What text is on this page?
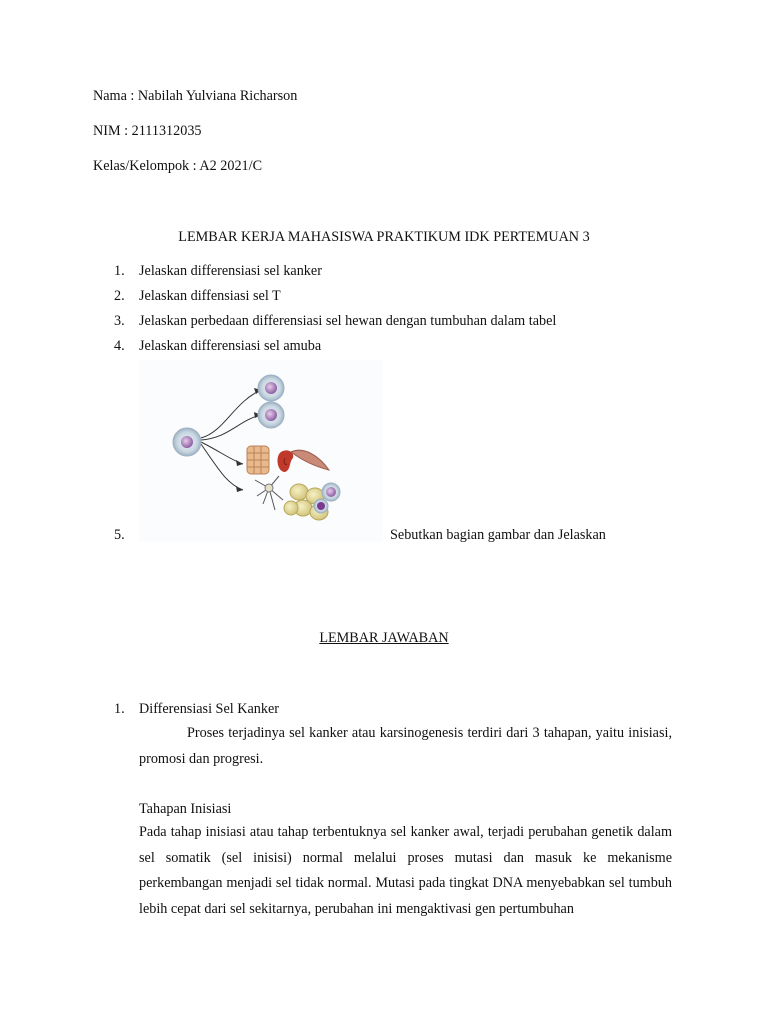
Nama : Nabilah Yulviana Richarson
NIM : 2111312035
Kelas/Kelompok : A2 2021/C
LEMBAR KERJA MAHASISWA PRAKTIKUM IDK PERTEMUAN 3
1.	Jelaskan differensiasi sel kanker
2.	Jelaskan diffensiasi sel T
3.	Jelaskan perbedaan differensiasi sel hewan dengan tumbuhan dalam tabel
4.	Jelaskan differensiasi sel amuba
5.	Sebutkan bagian gambar dan Jelaskan
LEMBAR JAWABAN
1.	Differensiasi Sel Kanker
Proses terjadinya sel kanker atau karsinogenesis terdiri dari 3 tahapan, yaitu inisiasi, promosi dan progresi.
Tahapan Inisiasi
Pada tahap inisiasi atau tahap terbentuknya sel kanker awal, terjadi perubahan genetik dalam sel somatik (sel inisisi) normal melalui proses mutasi dan masuk ke mekanisme perkembangan menjadi sel tidak normal. Mutasi pada tingkat DNA menyebabkan sel tumbuh lebih cepat dari sel sekitarnya, perubahan ini mengaktivasi gen pertumbuhan
